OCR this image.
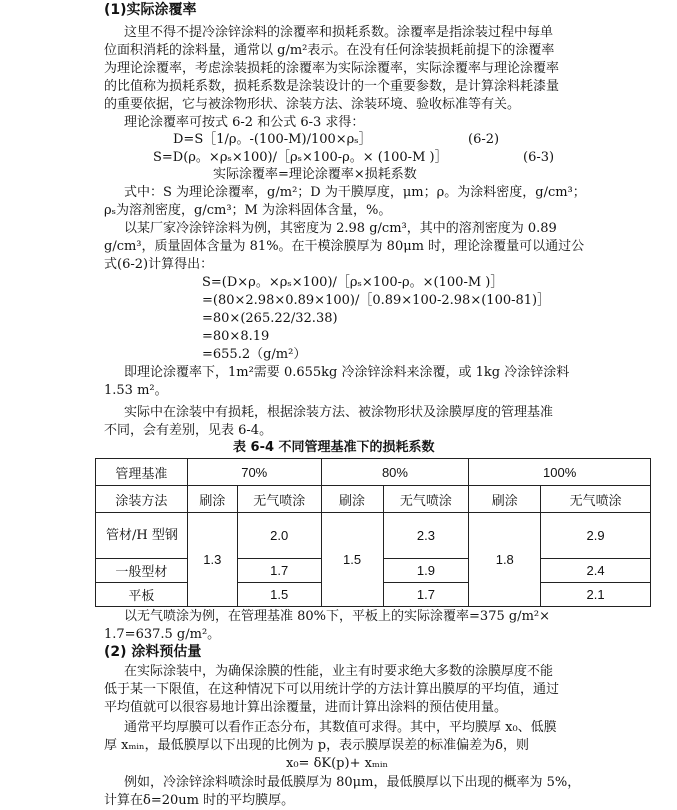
(1)实际涂覆率
这里不得不提冷涂锌涂料的涂覆率和损耗系数。涂覆率是指涂装过程中每单
位面积消耗的涂料量，通常以 g/m²表示。在没有任何涂装损耗前提下的涂覆率
为理论涂覆率，考虑涂装损耗的涂覆率为实际涂覆率，实际涂覆率与理论涂覆率
的比值称为损耗系数，损耗系数是涂装设计的一个重要参数，是计算涂料耗漆量
的重要依据，它与被涂物形状、涂装方法、涂装环境、验收标准等有关。
理论涂覆率可按式 6-2 和公式 6-3 求得：
D=S［1/ρ。-(100-M)/100×ρₛ］	(6-2)
S=D(ρ。×ρₛ×100)/［ρₛ×100-ρ。× (100-M )］	(6-3)
实际涂覆率=理论涂覆率×损耗系数
式中：S 为理论涂覆率，g/m²；D 为干膜厚度，μm；ρ。为涂料密度，g/cm³；
ρₛ为溶剂密度，g/cm³；M 为涂料固体含量，%。
以某厂家冷涂锌涂料为例，其密度为 2.98 g/cm³，其中的溶剂密度为 0.89
g/cm³，质量固体含量为 81%。在干模涂膜厚为 80μm 时，理论涂覆量可以通过公
式(6-2)计算得出：
S=(D×ρ。×ρₛ×100)/［ρₛ×100-ρ。×(100-M )］
=(80×2.98×0.89×100)/［0.89×100-2.98×(100-81)］
=80×(265.22/32.38)
=80×8.19
=655.2（g/m²）
即理论涂覆率下，1m²需要 0.655kg 冷涂锌涂料来涂覆，或 1kg 冷涂锌涂料
1.53 m²。
实际中在涂装中有损耗，根据涂装方法、被涂物形状及涂膜厚度的管理基准
不同，会有差别，见表 6-4。
表 6-4 不同管理基准下的损耗系数
管理基准	70%		80%		100%	
涂装方法	刷涂	无气喷涂	刷涂	无气喷涂	刷涂	无气喷涂
管材/H 型钢	1.3	2.0	1.5	2.3	1.8	2.9
一般型材		1.7		1.9		2.4
平板		1.5		1.7		2.1
以无气喷涂为例，在管理基准 80%下，平板上的实际涂覆率=375 g/m²×
1.7=637.5 g/m²。
(2) 涂料预估量
在实际涂装中，为确保涂膜的性能，业主有时要求绝大多数的涂膜厚度不能
低于某一下限值，在这种情况下可以用统计学的方法计算出膜厚的平均值，通过
平均值就可以很容易地计算出涂覆量，进而计算出涂料的预估使用量。
通常平均厚膜可以看作正态分布，其数值可求得。其中，平均膜厚 x₀、低膜
厚 xₘᵢₙ，最低膜厚以下出现的比例为 p，表示膜厚误差的标准偏差为δ，则
x₀= δK(p)+ xₘᵢₙ
例如，冷涂锌涂料喷涂时最低膜厚为 80μm，最低膜厚以下出现的概率为 5%，
计算在δ=20um 时的平均膜厚。
